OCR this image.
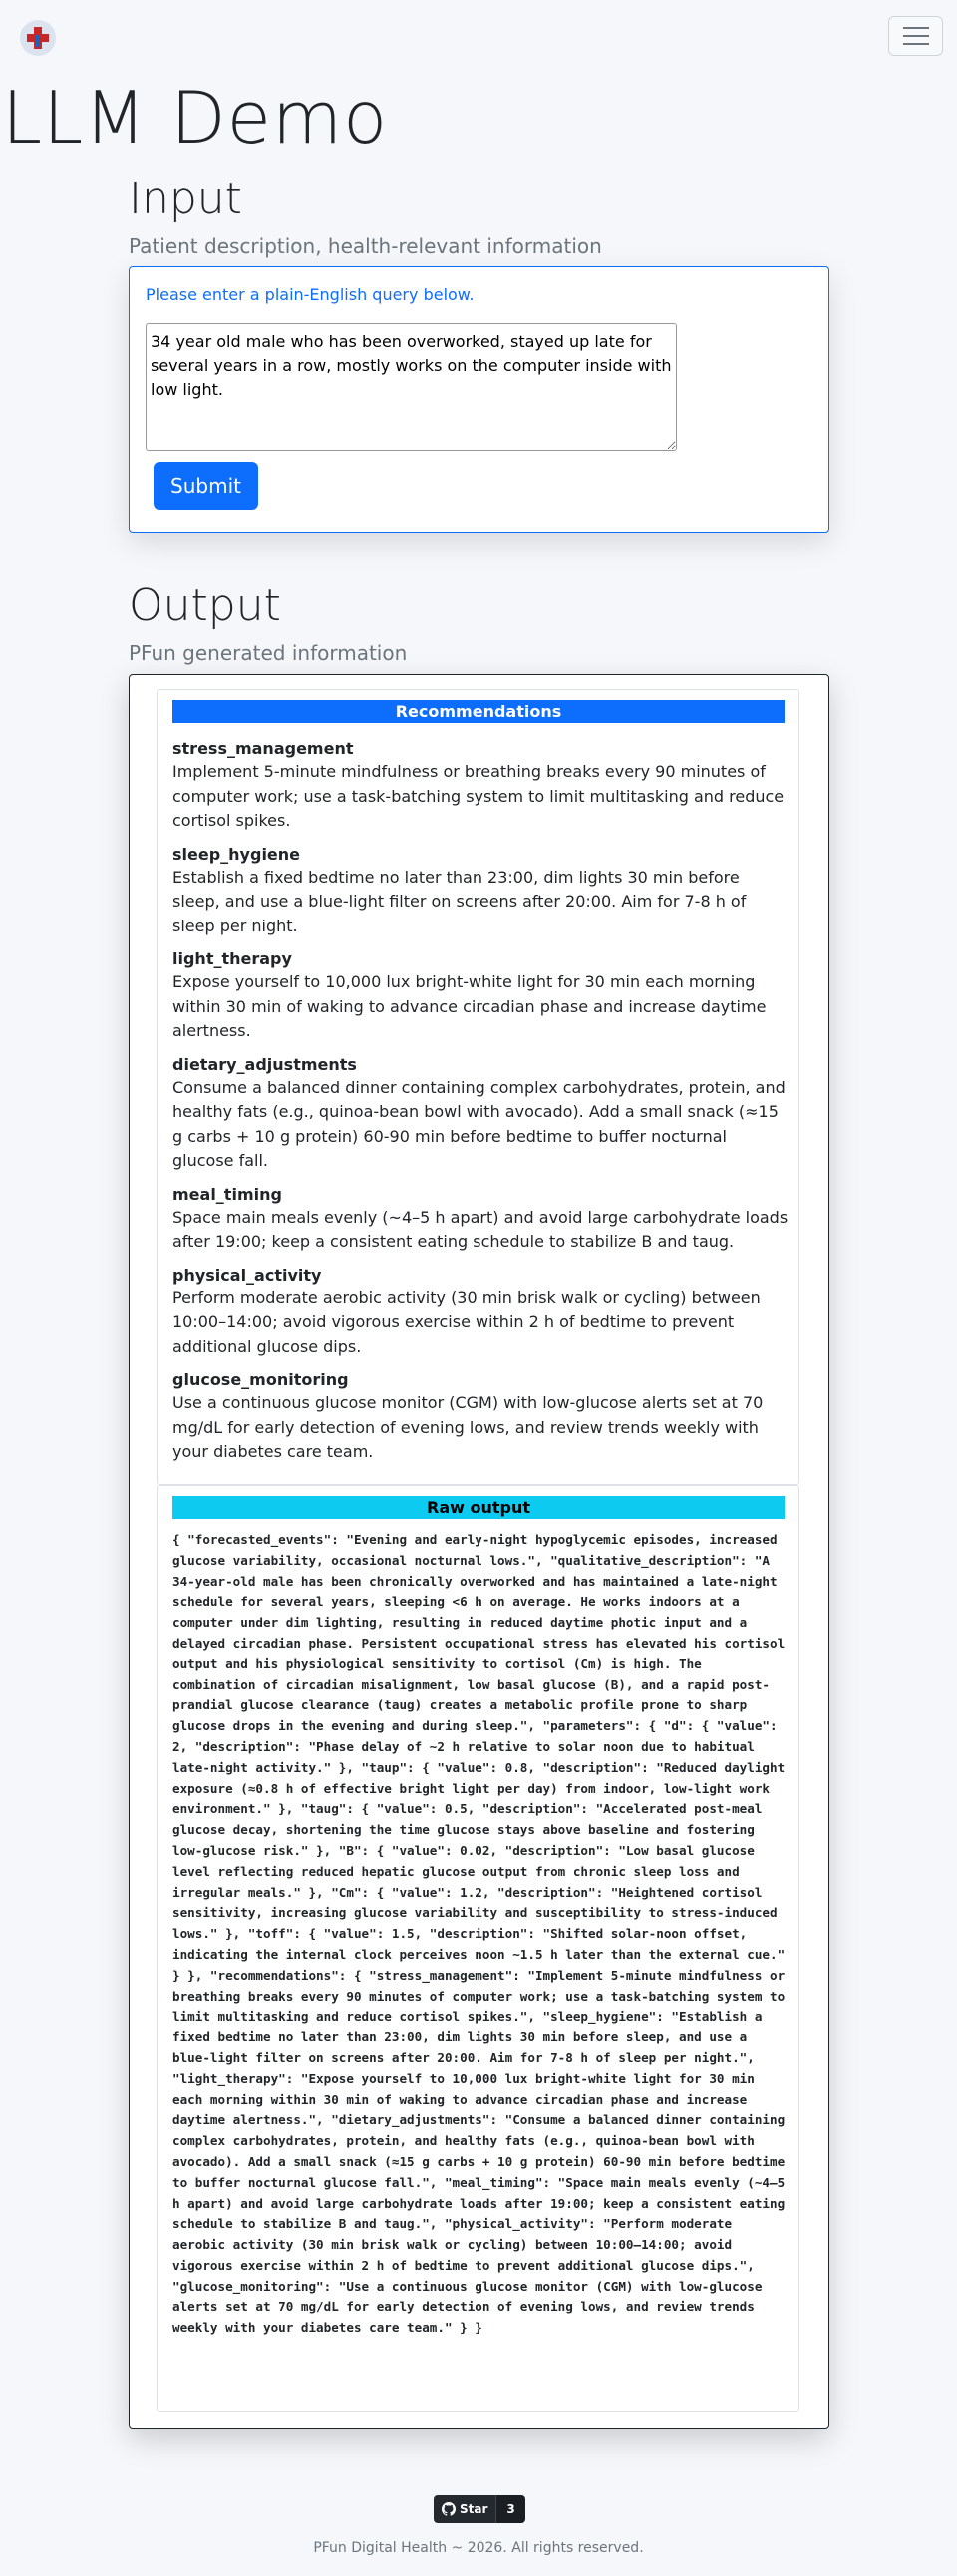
LLM Demo
Input
Patient description, health-relevant information
Please enter a plain-English query below.
34 year old male who has been overworked, stayed up late for several years in a row, mostly works on the computer inside with low light.
Submit
Output
PFun generated information
Recommendations
stress_management
Implement 5-minute mindfulness or breathing breaks every 90 minutes of computer work; use a task-batching system to limit multitasking and reduce cortisol spikes.
sleep_hygiene
Establish a fixed bedtime no later than 23:00, dim lights 30 min before sleep, and use a blue-light filter on screens after 20:00. Aim for 7-8 h of sleep per night.
light_therapy
Expose yourself to 10,000 lux bright-white light for 30 min each morning within 30 min of waking to advance circadian phase and increase daytime alertness.
dietary_adjustments
Consume a balanced dinner containing complex carbohydrates, protein, and healthy fats (e.g., quinoa-bean bowl with avocado). Add a small snack (≈15 g carbs + 10 g protein) 60-90 min before bedtime to buffer nocturnal glucose fall.
meal_timing
Space main meals evenly (~4–5 h apart) and avoid large carbohydrate loads after 19:00; keep a consistent eating schedule to stabilize B and taug.
physical_activity
Perform moderate aerobic activity (30 min brisk walk or cycling) between 10:00–14:00; avoid vigorous exercise within 2 h of bedtime to prevent additional glucose dips.
glucose_monitoring
Use a continuous glucose monitor (CGM) with low-glucose alerts set at 70 mg/dL for early detection of evening lows, and review trends weekly with your diabetes care team.
Raw output
{ "forecasted_events": "Evening and early-night hypoglycemic episodes, increased glucose variability, occasional nocturnal lows.", "qualitative_description": "A 34-year-old male has been chronically overworked and has maintained a late-night schedule for several years, sleeping <6 h on average. He works indoors at a computer under dim lighting, resulting in reduced daytime photic input and a delayed circadian phase. Persistent occupational stress has elevated his cortisol output and his physiological sensitivity to cortisol (Cm) is high. The combination of circadian misalignment, low basal glucose (B), and a rapid post-prandial glucose clearance (taug) creates a metabolic profile prone to sharp glucose drops in the evening and during sleep.", "parameters": { "d": { "value": 2, "description": "Phase delay of ~2 h relative to solar noon due to habitual late-night activity." }, "taup": { "value": 0.8, "description": "Reduced daylight exposure (≈0.8 h of effective bright light per day) from indoor, low-light work environment." }, "taug": { "value": 0.5, "description": "Accelerated post-meal glucose decay, shortening the time glucose stays above baseline and fostering low-glucose risk." }, "B": { "value": 0.02, "description": "Low basal glucose level reflecting reduced hepatic glucose output from chronic sleep loss and irregular meals." }, "Cm": { "value": 1.2, "description": "Heightened cortisol sensitivity, increasing glucose variability and susceptibility to stress-induced lows." }, "toff": { "value": 1.5, "description": "Shifted solar-noon offset, indicating the internal clock perceives noon ~1.5 h later than the external cue." } }, "recommendations": { "stress_management": "Implement 5-minute mindfulness or breathing breaks every 90 minutes of computer work; use a task-batching system to limit multitasking and reduce cortisol spikes.", "sleep_hygiene": "Establish a fixed bedtime no later than 23:00, dim lights 30 min before sleep, and use a blue-light filter on screens after 20:00. Aim for 7-8 h of sleep per night.", "light_therapy": "Expose yourself to 10,000 lux bright-white light for 30 min each morning within 30 min of waking to advance circadian phase and increase daytime alertness.", "dietary_adjustments": "Consume a balanced dinner containing complex carbohydrates, protein, and healthy fats (e.g., quinoa-bean bowl with avocado). Add a small snack (≈15 g carbs + 10 g protein) 60-90 min before bedtime to buffer nocturnal glucose fall.", "meal_timing": "Space main meals evenly (~4–5 h apart) and avoid large carbohydrate loads after 19:00; keep a consistent eating schedule to stabilize B and taug.", "physical_activity": "Perform moderate aerobic activity (30 min brisk walk or cycling) between 10:00–14:00; avoid vigorous exercise within 2 h of bedtime to prevent additional glucose dips.", "glucose_monitoring": "Use a continuous glucose monitor (CGM) with low-glucose alerts set at 70 mg/dL for early detection of evening lows, and review trends weekly with your diabetes care team." } }
Star	3
PFun Digital Health ~ 2026. All rights reserved.
